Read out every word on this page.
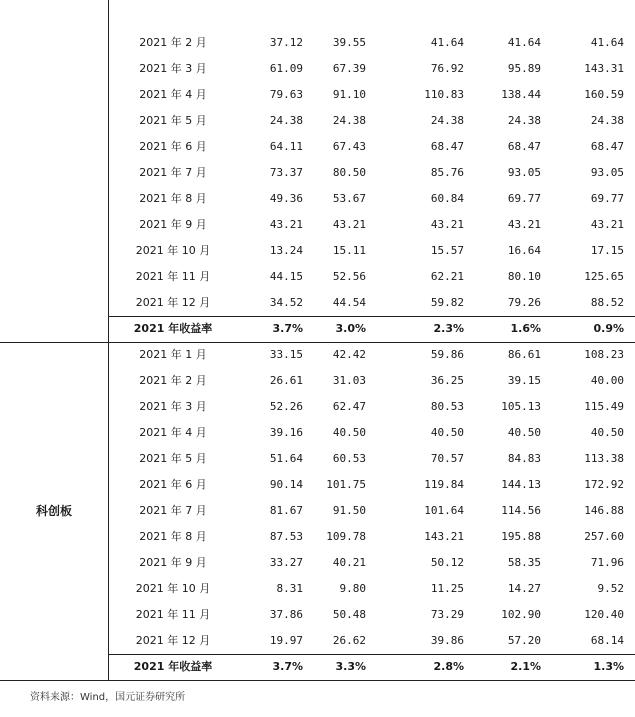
2021 年 2 月	37.12	39.55	41.64	41.64	41.64
2021 年 3 月	61.09	67.39	76.92	95.89	143.31
2021 年 4 月	79.63	91.10	110.83	138.44	160.59
2021 年 5 月	24.38	24.38	24.38	24.38	24.38
2021 年 6 月	64.11	67.43	68.47	68.47	68.47
2021 年 7 月	73.37	80.50	85.76	93.05	93.05
2021 年 8 月	49.36	53.67	60.84	69.77	69.77
2021 年 9 月	43.21	43.21	43.21	43.21	43.21
2021 年 10 月	13.24	15.11	15.57	16.64	17.15
2021 年 11 月	44.15	52.56	62.21	80.10	125.65
2021 年 12 月	34.52	44.54	59.82	79.26	88.52
2021 年收益率	3.7%	3.0%	2.3%	1.6%	0.9%
2021 年 1 月	33.15	42.42	59.86	86.61	108.23
2021 年 2 月	26.61	31.03	36.25	39.15	40.00
2021 年 3 月	52.26	62.47	80.53	105.13	115.49
2021 年 4 月	39.16	40.50	40.50	40.50	40.50
2021 年 5 月	51.64	60.53	70.57	84.83	113.38
2021 年 6 月	90.14	101.75	119.84	144.13	172.92
2021 年 7 月	81.67	91.50	101.64	114.56	146.88
2021 年 8 月	87.53	109.78	143.21	195.88	257.60
2021 年 9 月	33.27	40.21	50.12	58.35	71.96
2021 年 10 月	8.31	9.80	11.25	14.27	9.52
2021 年 11 月	37.86	50.48	73.29	102.90	120.40
2021 年 12 月	19.97	26.62	39.86	57.20	68.14
2021 年收益率	3.7%	3.3%	2.8%	2.1%	1.3%
科创板
资料来源：Wind，国元证券研究所
